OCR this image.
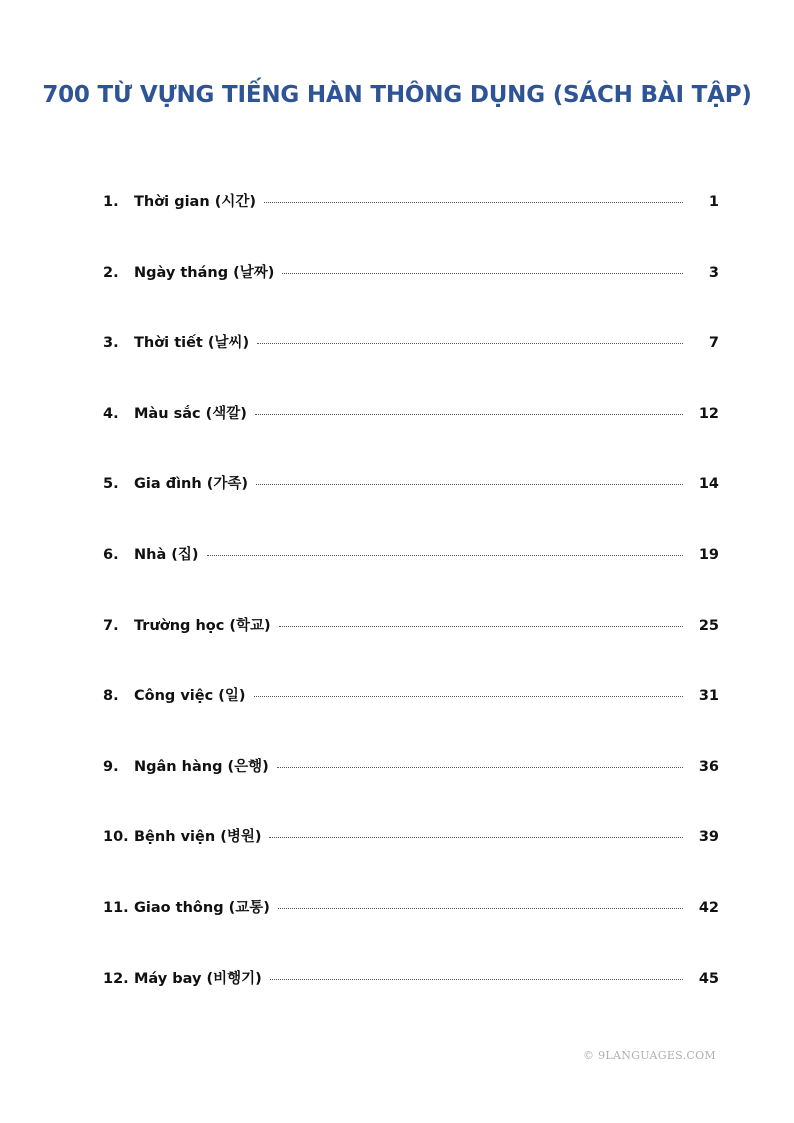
700 TỪ VỰNG TIẾNG HÀN THÔNG DỤNG (SÁCH BÀI TẬP)
1.	Thời gian (시간)	1
2.	Ngày tháng (날짜)	3
3.	Thời tiết (날씨)	7
4.	Màu sắc (색깔)	12
5.	Gia đình (가족)	14
6.	Nhà (집)	19
7.	Trường học (학교)	25
8.	Công việc (일)	31
9.	Ngân hàng (은행)	36
10. Bệnh viện (병원)	39
11. Giao thông (교통)	42
12. Máy bay (비행기)	45
© 9LANGUAGES.COM
